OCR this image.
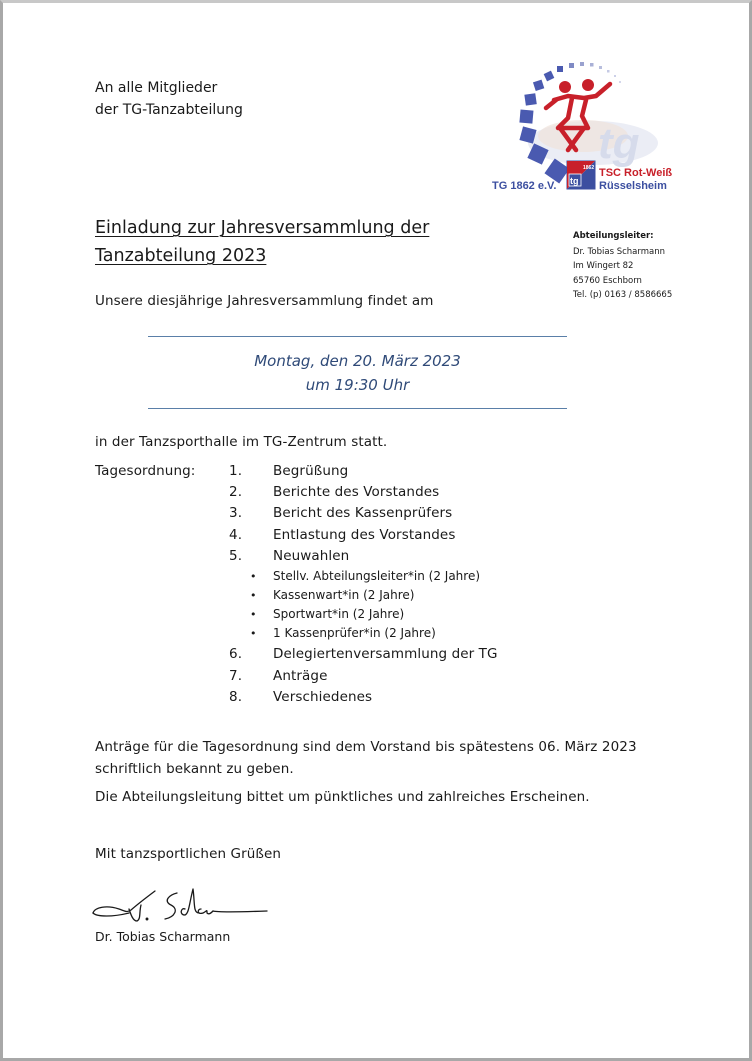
An alle Mitglieder
der TG-Tanzabteilung
tg
1862
tg
TG 1862 e.V.
TSC Rot-Weiß
Rüsselsheim
Abteilungsleiter:
Dr. Tobias Scharmann
Im Wingert 82
65760 Eschborn
Tel. (p) 0163 / 8586665
Einladung zur Jahresversammlung der
Tanzabteilung 2023
Unsere diesjährige Jahresversammlung findet am
Montag, den 20. März 2023
um 19:30 Uhr
in der Tanzsporthalle im TG-Zentrum statt.
Tagesordnung: 1. Begrüßung
2. Berichte des Vorstandes
3. Bericht des Kassenprüfers
4. Entlastung des Vorstandes
5. Neuwahlen
• Stellv. Abteilungsleiter*in (2 Jahre)
• Kassenwart*in (2 Jahre)
• Sportwart*in (2 Jahre)
• 1 Kassenprüfer*in (2 Jahre)
6. Delegiertenversammlung der TG
7. Anträge
8. Verschiedenes
Anträge für die Tagesordnung sind dem Vorstand bis spätestens 06. März 2023
schriftlich bekannt zu geben.
Die Abteilungsleitung bittet um pünktliches und zahlreiches Erscheinen.
Mit tanzsportlichen Grüßen
Dr. Tobias Scharmann
